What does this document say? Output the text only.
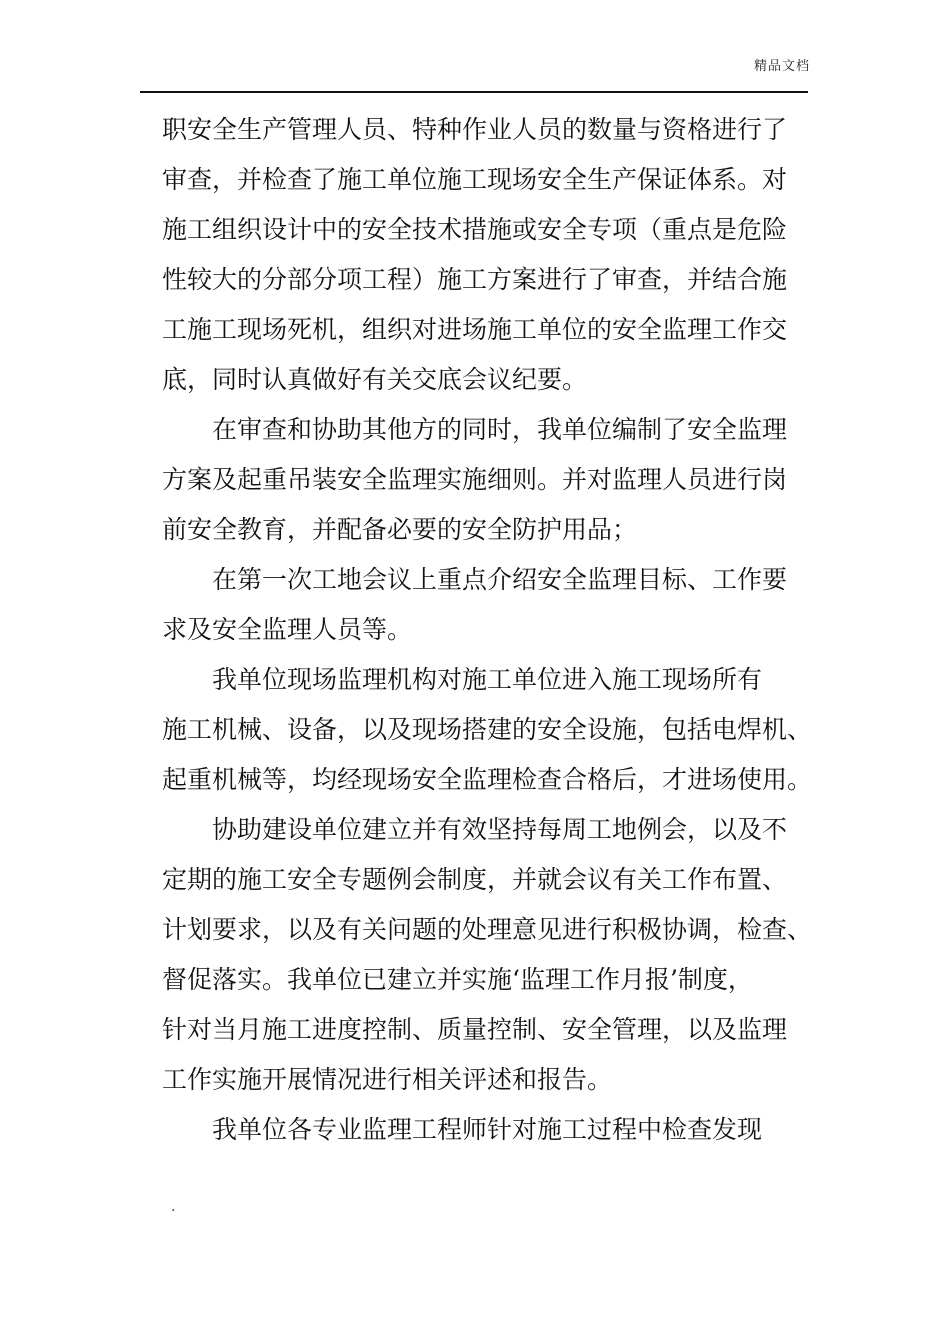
精品文档

职安全生产管理人员、特种作业人员的数量与资格进行了
审查，并检查了施工单位施工现场安全生产保证体系。对
施工组织设计中的安全技术措施或安全专项（重点是危险
性较大的分部分项工程）施工方案进行了审查，并结合施
工施工现场死机，组织对进场施工单位的安全监理工作交
底，同时认真做好有关交底会议纪要。

　　在审查和协助其他方的同时，我单位编制了安全监理
方案及起重吊装安全监理实施细则。并对监理人员进行岗
前安全教育，并配备必要的安全防护用品；

　　在第一次工地会议上重点介绍安全监理目标、工作要
求及安全监理人员等。

　　我单位现场监理机构对施工单位进入施工现场所有
施工机械、设备，以及现场搭建的安全设施，包括电焊机、
起重机械等，均经现场安全监理检查合格后，才进场使用。

　　协助建设单位建立并有效坚持每周工地例会，以及不
定期的施工安全专题例会制度，并就会议有关工作布置、
计划要求，以及有关问题的处理意见进行积极协调，检查、
督促落实。我单位已建立并实施‘监理工作月报’制度，
针对当月施工进度控制、质量控制、安全管理，以及监理
工作实施开展情况进行相关评述和报告。

　　我单位各专业监理工程师针对施工过程中检查发现

.
